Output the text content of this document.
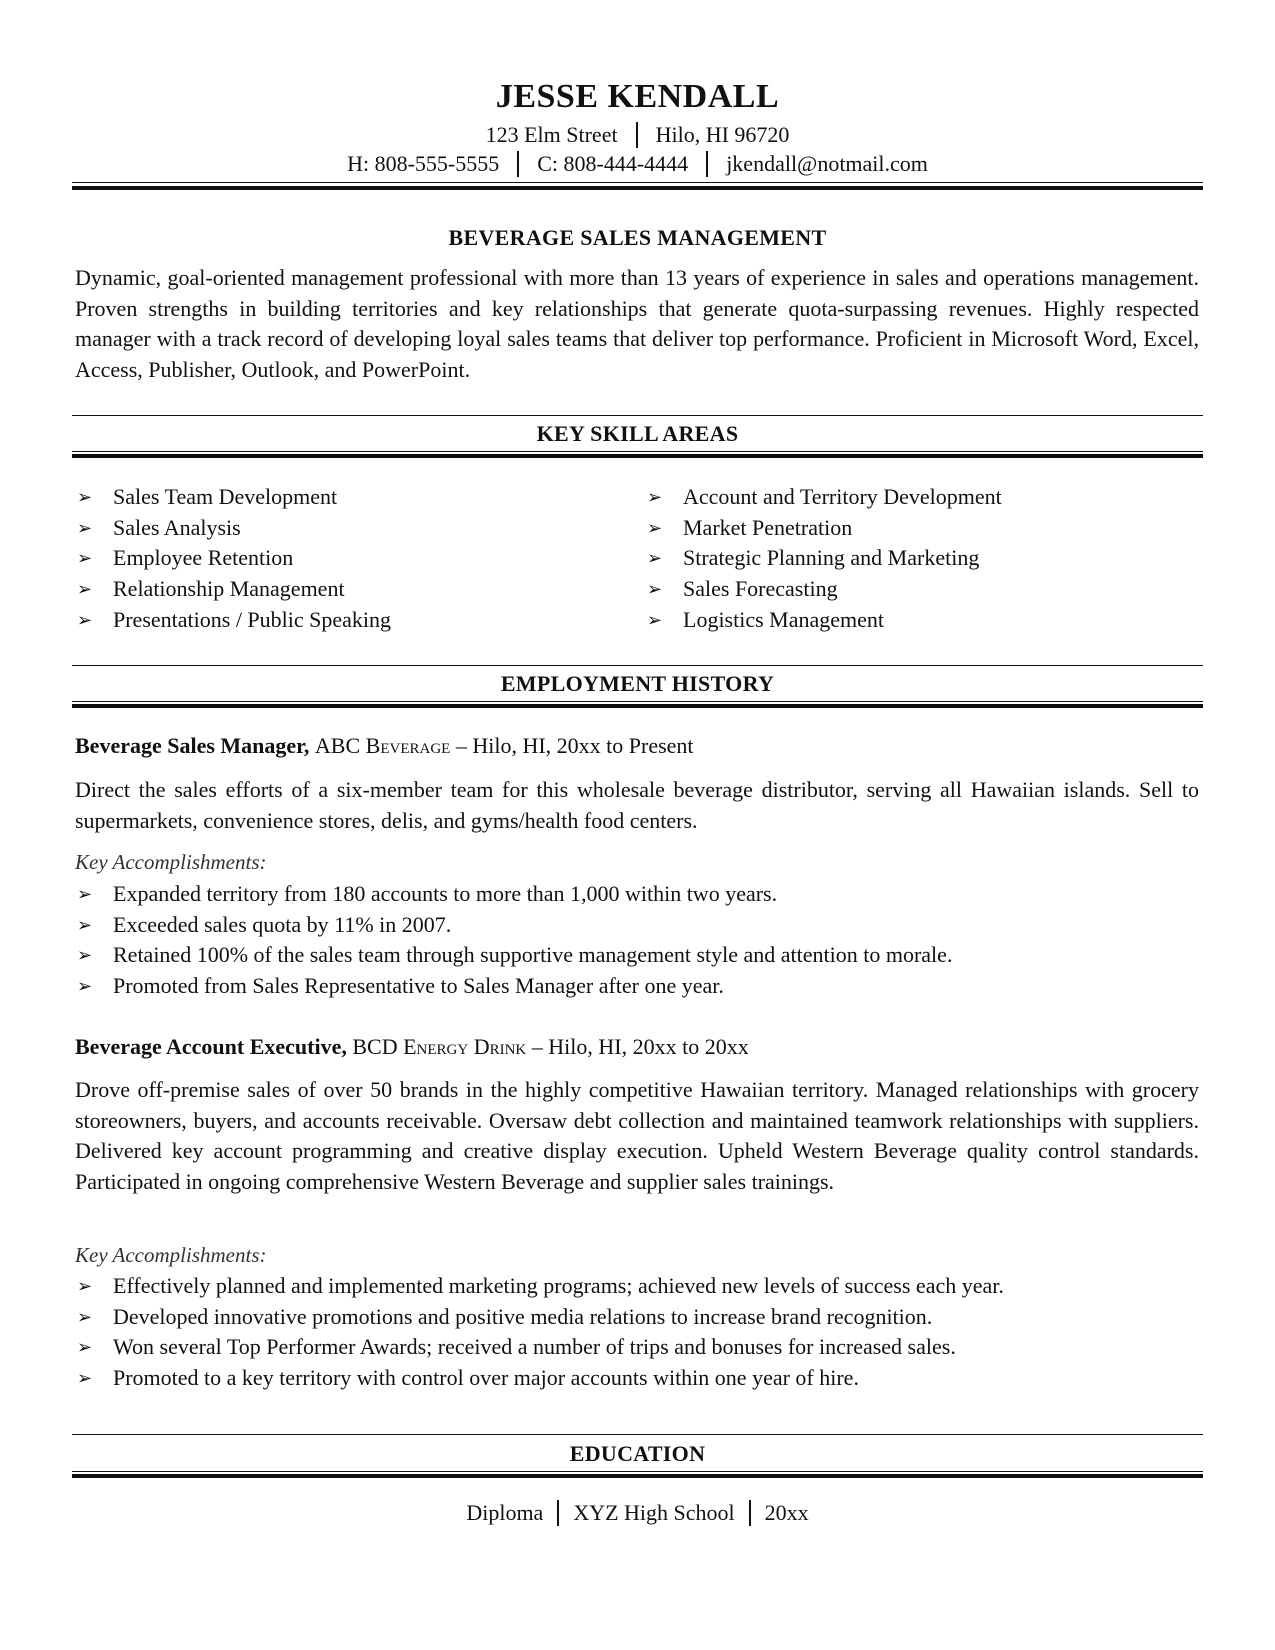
JESSE KENDALL
123 Elm Street Hilo, HI 96720
H: 808-555-5555 C: 808-444-4444 jkendall@notmail.com
BEVERAGE SALES MANAGEMENT

Dynamic, goal-oriented management professional with more than 13 years of experience in sales and operations management. Proven strengths in building territories and key relationships that generate quota-surpassing revenues. Highly respected manager with a track record of developing loyal sales teams that deliver top performance. Proficient in Microsoft Word, Excel, Access, Publisher, Outlook, and PowerPoint.

KEY SKILL AREAS
➢ Sales Team Development
➢ Sales Analysis
➢ Employee Retention
➢ Relationship Management
➢ Presentations / Public Speaking
➢ Account and Territory Development
➢ Market Penetration
➢ Strategic Planning and Marketing
➢ Sales Forecasting
➢ Logistics Management
EMPLOYMENT HISTORY
Beverage Sales Manager, ABC Beverage – Hilo, HI, 20xx to Present

Direct the sales efforts of a six-member team for this wholesale beverage distributor, serving all Hawaiian islands. Sell to supermarkets, convenience stores, delis, and gyms/health food centers.

Key Accomplishments:
➢ Expanded territory from 180 accounts to more than 1,000 within two years.
➢ Exceeded sales quota by 11% in 2007.
➢ Retained 100% of the sales team through supportive management style and attention to morale.
➢ Promoted from Sales Representative to Sales Manager after one year.
Beverage Account Executive, BCD Energy Drink – Hilo, HI, 20xx to 20xx

Drove off-premise sales of over 50 brands in the highly competitive Hawaiian territory. Managed relationships with grocery storeowners, buyers, and accounts receivable. Oversaw debt collection and maintained teamwork relationships with suppliers. Delivered key account programming and creative display execution. Upheld Western Beverage quality control standards. Participated in ongoing comprehensive Western Beverage and supplier sales trainings.

Key Accomplishments:
➢ Effectively planned and implemented marketing programs; achieved new levels of success each year.
➢ Developed innovative promotions and positive media relations to increase brand recognition.
➢ Won several Top Performer Awards; received a number of trips and bonuses for increased sales.
➢ Promoted to a key territory with control over major accounts within one year of hire.
EDUCATION
Diploma XYZ High School 20xx
